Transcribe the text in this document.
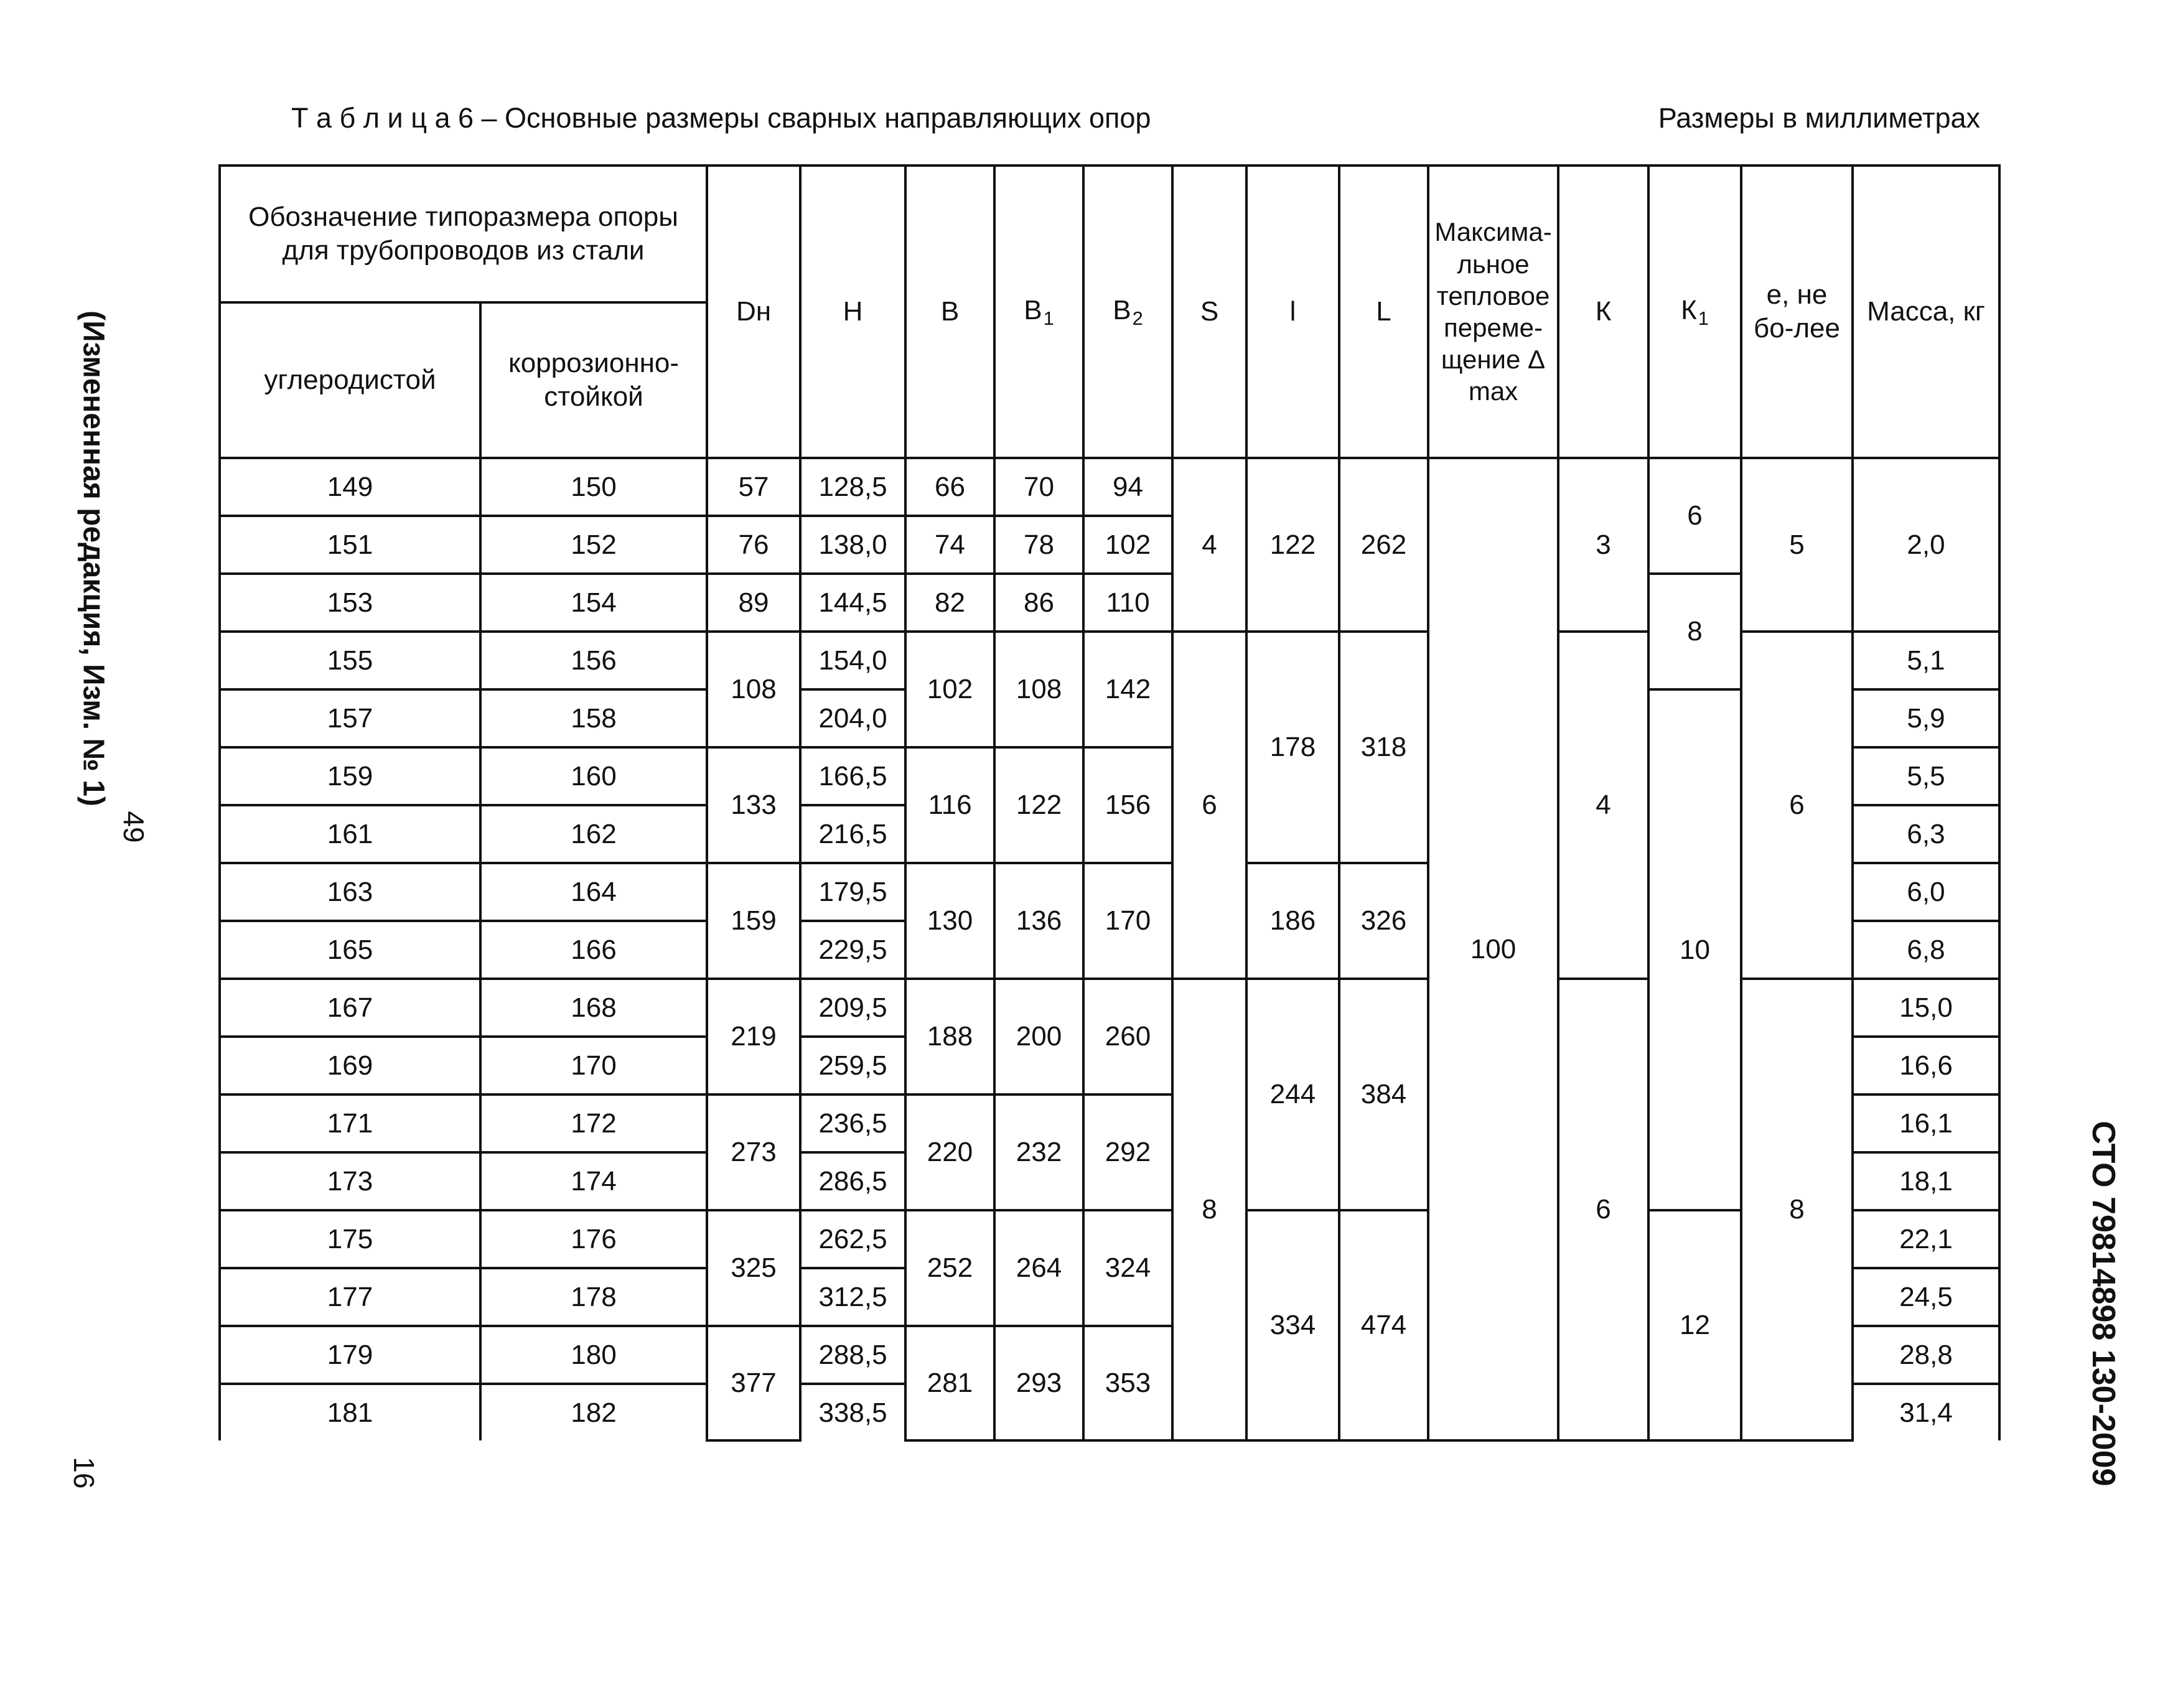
Т а б л и ц а 6 – Основные размеры сварных направляющих опор	Размеры в миллиметрах
(Измененная редакция, Изм. № 1)
49
16	СТО 79814898 130-2009
Обозначение типоразмера опоры для трубопроводов из стали		Dн	H	B	$B_1$	$B_2$	S	l	L	Максима-льное тепловое переме-щение Δ max	К	$К_1$	е, не бо-лее	Масса, кг
углеродистой	коррозионно-стойкой													
149	150	57	128,5	66	70	94	4	122	262	100	3	6	5	2,0
151	152	76	138,0	74	78	102								
153	154	89	144,5	82	86	110						8		
155	156	108	154,0	102	108	142	6	178	318		4		6	5,1
157	158		204,0									10		5,9
159	160	133	166,5	116	122	156								5,5
161	162		216,5											6,3
163	164	159	179,5	130	136	170		186	326					6,0
165	166		229,5											6,8
167	168	219	209,5	188	200	260	8	244	384		6		8	15,0
169	170		259,5											16,6
171	172	273	236,5	220	232	292								16,1
173	174		286,5											18,1
175	176	325	262,5	252	264	324		334	474			12		22,1
177	178		312,5											24,5
179	180	377	288,5	281	293	353								28,8
181	182		338,5											31,4
